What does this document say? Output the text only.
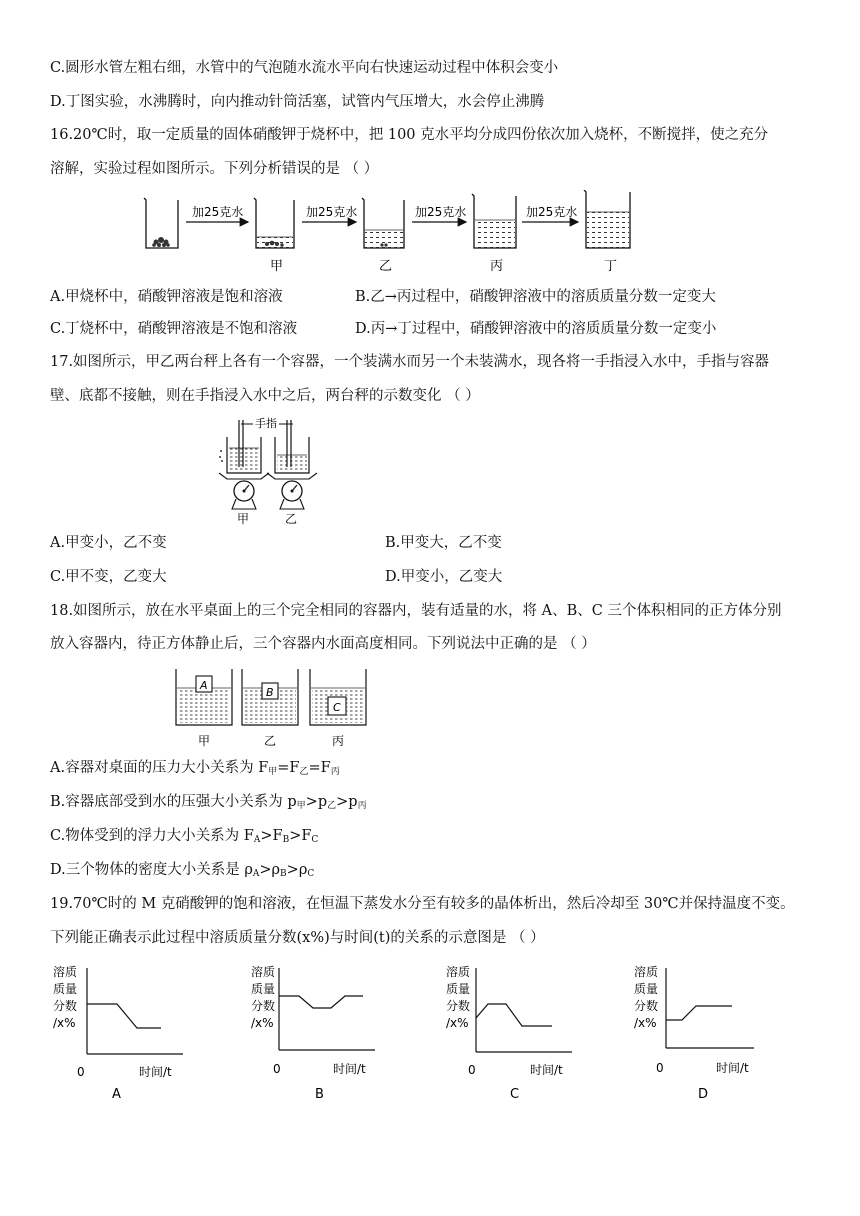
C.圆形水管左粗右细，水管中的气泡随水流水平向右快速运动过程中体积会变小
D.丁图实验，水沸腾时，向内推动针筒活塞，试管内气压增大，水会停止沸腾
16.20℃时，取一定质量的固体硝酸钾于烧杯中，把 100 克水平均分成四份依次加入烧杯，不断搅拌，使之充分
溶解，实验过程如图所示。下列分析错误的是 （ ）
加25克水	加25克水	加25克水	加25克水
甲	乙	丙	丁
A.甲烧杯中，硝酸钾溶液是饱和溶液	B.乙→丙过程中，硝酸钾溶液中的溶质质量分数一定变大
C.丁烧杯中，硝酸钾溶液是不饱和溶液	D.丙→丁过程中，硝酸钾溶液中的溶质质量分数一定变小
17.如图所示，甲乙两台秤上各有一个容器，一个装满水而另一个未装满水，现各将一手指浸入水中，手指与容器
壁、底都不接触，则在手指浸入水中之后，两台秤的示数变化 （ ）
手指
甲	乙
A.甲变小，乙不变	B.甲变大，乙不变
C.甲不变，乙变大	D.甲变小，乙变大
18.如图所示，放在水平桌面上的三个完全相同的容器内，装有适量的水，将 A、B、C 三个体积相同的正方体分别
放入容器内，待正方体静止后，三个容器内水面高度相同。下列说法中正确的是 （ ）
A
B
C
甲	乙	丙
A.容器对桌面的压力大小关系为 $F_甲=F_乙=F_丙$
B.容器底部受到水的压强大小关系为 $p_甲>p_乙>p_丙$
C.物体受到的浮力大小关系为 $F_A>F_B>F_C$
D.三个物体的密度大小关系是 $\rho_A>\rho_B>\rho_C$
19.70℃时的 M 克硝酸钾的饱和溶液，在恒温下蒸发水分至有较多的晶体析出，然后冷却至 30℃并保持温度不变。
下列能正确表示此过程中溶质质量分数(x%)与时间(t)的关系的示意图是 （ ）
溶质
质量
分数
/x%
0	时间/t
A
溶质
质量
分数
/x%
0	时间/t
B
溶质
质量
分数
/x%
0	时间/t
C
溶质
质量
分数
/x%
0	时间/t
D
